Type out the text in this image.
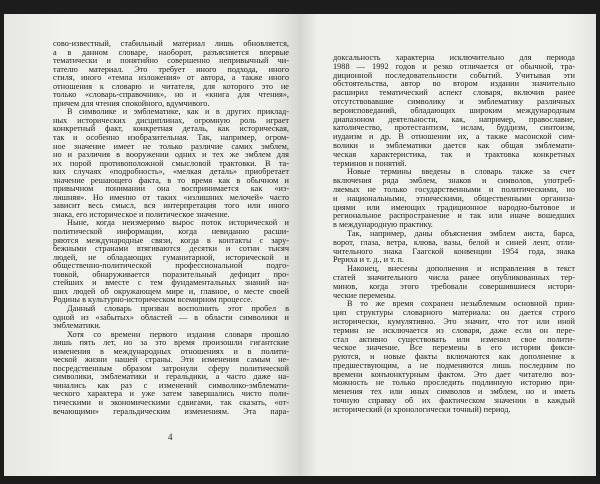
сово-известный, стабильный материал лишь обновляется,
а в данном словаре, наоборот, разъясняется впервые
тематически и понятийно совершенно непривычный чи-
тателю материал. Это требует иного подхода, иного
стиля, иного «темпа изложения» от автора, а также иного
отношения к словарю и читателя, для которого это не
только «словарь-справочник», но и «книга для чтения»,
причем для чтения спокойного, вдумчивого.
В символике и эмблематике, как и в других приклад-
ных исторических дисциплинах, огромную роль играет
конкретный факт, конкретная деталь, как историческая,
так и особенно изобразительная. Так, например, огром-
ное значение имеет не только различие самих эмблем,
но и различия в вооружении одних и тех же эмблем для
их порой противоположной смысловой трактовки. В та-
ких случаях «подробность», «мелкая деталь» приобретает
значение решающего факта, в то время как в обычном и
привычном понимании она воспринимается как «из-
лишняя». Но именно от таких «излишних мелочей» часто
зависит весь смысл, вся интерпретация того или иного
знака, его историческое и политическое значение.
Ныне, когда неизмеримо вырос поток исторической и
политической информации, когда невиданно расши-
ряются международные связи, когда в контакты с зару-
бежными странами втягиваются десятки и сотни тысяч
людей, не обладающих гуманитарной, исторической и
общественно-политической профессиональной подго-
товкой, обнаруживается поразительный дефицит про-
стейших и вместе с тем фундаментальных знаний на-
ших людей об окружающем мире и, главное, о месте своей
Родины в культурно-историческом всемирном процессе.
Данный словарь призван восполнить этот пробел в
одной из «забытых» областей — в области символики и
эмблематики.
Хотя со времени первого издания словаря прошло
лишь пять лет, но за это время произошли гигантские
изменения в международных отношениях и в полити-
ческой жизни нашей страны. Эти изменения самым не-
посредственным образом затронули сферу политической
символики, эмблематики и геральдики, а часто даже на-
чинались как раз с изменений символико-эмблемати-
ческого характера и уже затем завершались чисто поли-
тическими и экономическими сдвигами, так сказать, «от-
вечающими» геральдическим изменениям. Эта пара-
4
доксальность характерна исключительно для периода
1988 — 1992 годов и резко отличается от обычной, тра-
диционной последовательности событий. Учитывая эти
обстоятельства, автор во втором издании значительно
расширил тематический аспект словаря, включив ранее
отсутствовавшие символику и эмблематику различных
вероисповеданий, обладающих широким международным
диапазоном деятельности, как, например, православие,
католичество, протестантизм, ислам, буддизм, синтоизм,
иудаизм и др. В отношении их, а также масонской сим-
волики и эмблематики дается как общая эмблемати-
ческая характеристика, так и трактовка конкретных
терминов и понятий.
Новые термины введены в словарь также за счет
включения ряда эмблем, знаков и символов, употреб-
ляемых не только государственными и политическими, но
и национальными, этническими, общественными организа-
циями или имеющих традиционное народно-бытовое и
региональное распространение и так или иначе вошедших
в международную практику.
Так, например, даны объяснения эмблем аиста, барса,
ворот, глаза, ветра, клюва, вазы, белой и синей лент, отли-
чительного знака Гаагской конвенции 1954 года, знака
Рериха и т. д., и т. п.
Наконец, внесены дополнения и исправления в текст
статей значительного числа ранее опубликованных тер-
минов, когда этого требовали совершившиеся истори-
ческие перемены.
В то же время сохранен незыблемым основной прин-
цип структуры словарного материала: он дается строго
исторически, кумулятивно. Это значит, что тот или иной
термин не исключается из словаря, даже если он пере-
стал активно существовать или изменил свое полити-
ческое значение. Все перемены в его истории фикси-
руются, и новые факты включаются как дополнение к
предшествующим, а не подменяются лишь последним по
времени конъюнктурным фактом. Это дает читателю воз-
можность не только проследить подлинную историю при-
менения тех или иных символов и эмблем, но и иметь
точную справку об их фактическом значении в каждый
исторический (и хронологически точный) период.
